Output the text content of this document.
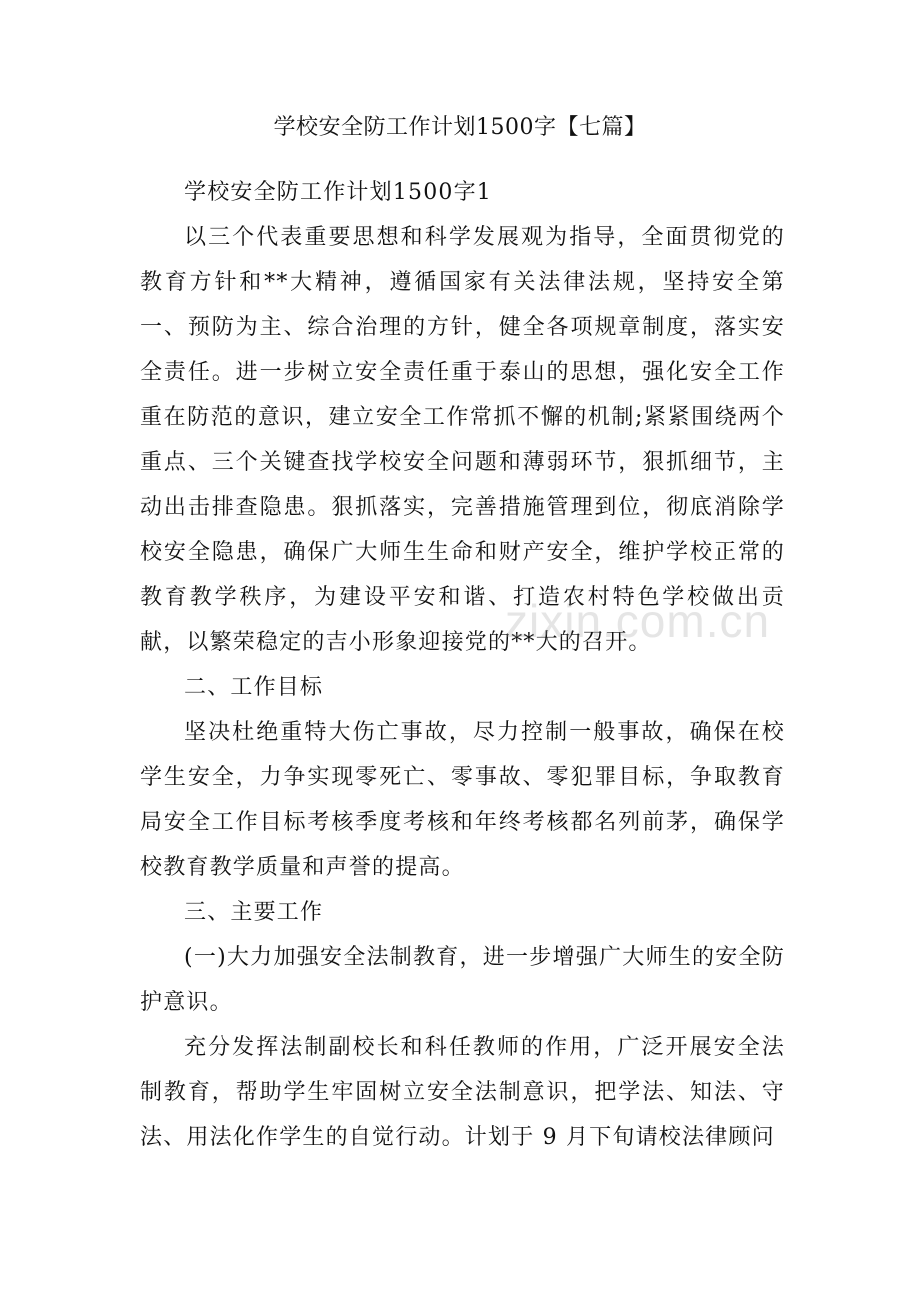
学校安全防工作计划1500字【七篇】

学校安全防工作计划1500字1

以三个代表重要思想和科学发展观为指导，全面贯彻党的教育方针和**大精神，遵循国家有关法律法规，坚持安全第一、预防为主、综合治理的方针，健全各项规章制度，落实安全责任。进一步树立安全责任重于泰山的思想，强化安全工作重在防范的意识，建立安全工作常抓不懈的机制;紧紧围绕两个重点、三个关键查找学校安全问题和薄弱环节，狠抓细节，主动出击排查隐患。狠抓落实，完善措施管理到位，彻底消除学校安全隐患，确保广大师生生命和财产安全，维护学校正常的教育教学秩序，为建设平安和谐、打造农村特色学校做出贡献，以繁荣稳定的吉小形象迎接党的**大的召开。

二、工作目标

坚决杜绝重特大伤亡事故，尽力控制一般事故，确保在校学生安全，力争实现零死亡、零事故、零犯罪目标，争取教育局安全工作目标考核季度考核和年终考核都名列前茅，确保学校教育教学质量和声誉的提高。

三、主要工作

(一)大力加强安全法制教育，进一步增强广大师生的安全防护意识。

充分发挥法制副校长和科任教师的作用，广泛开展安全法制教育，帮助学生牢固树立安全法制意识，把学法、知法、守法、用法化作学生的自觉行动。计划于 9 月下旬请校法律顾问

zixin.com.cn
